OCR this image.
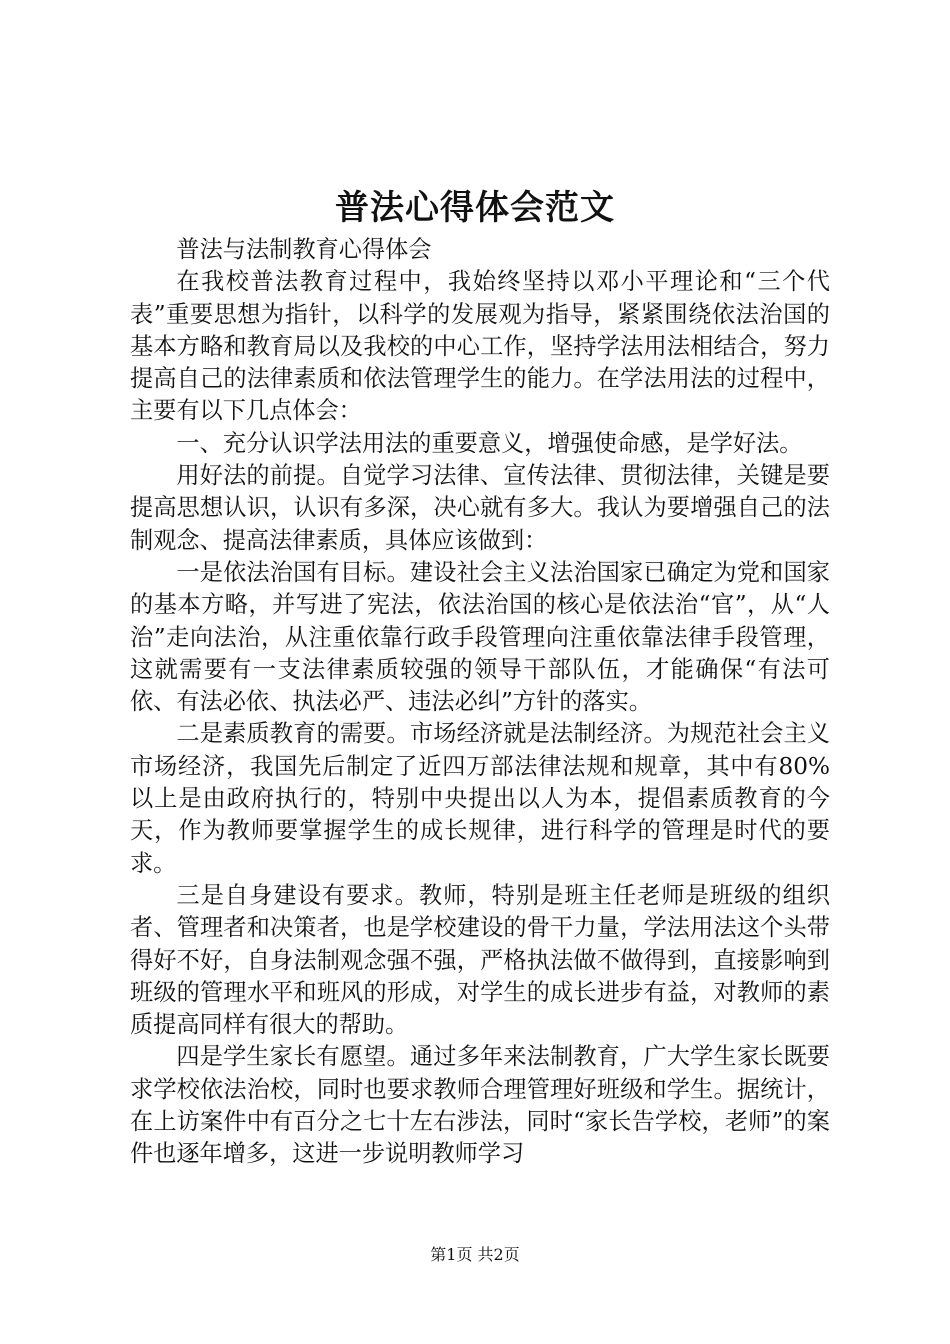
普法心得体会范文

普法与法制教育心得体会

在我校普法教育过程中，我始终坚持以邓小平理论和“三个代表”重要思想为指针，以科学的发展观为指导，紧紧围绕依法治国的基本方略和教育局以及我校的中心工作，坚持学法用法相结合，努力提高自己的法律素质和依法管理学生的能力。在学法用法的过程中，主要有以下几点体会：

一、充分认识学法用法的重要意义，增强使命感，是学好法。

用好法的前提。自觉学习法律、宣传法律、贯彻法律，关键是要提高思想认识，认识有多深，决心就有多大。我认为要增强自己的法制观念、提高法律素质，具体应该做到：

一是依法治国有目标。建设社会主义法治国家已确定为党和国家的基本方略，并写进了宪法，依法治国的核心是依法治“官”，从“人治”走向法治，从注重依靠行政手段管理向注重依靠法律手段管理，这就需要有一支法律素质较强的领导干部队伍，才能确保“有法可依、有法必依、执法必严、违法必纠”方针的落实。

二是素质教育的需要。市场经济就是法制经济。为规范社会主义市场经济，我国先后制定了近四万部法律法规和规章，其中有80%以上是由政府执行的，特别中央提出以人为本，提倡素质教育的今天，作为教师要掌握学生的成长规律，进行科学的管理是时代的要求。

三是自身建设有要求。教师，特别是班主任老师是班级的组织者、管理者和决策者，也是学校建设的骨干力量，学法用法这个头带得好不好，自身法制观念强不强，严格执法做不做得到，直接影响到班级的管理水平和班风的形成，对学生的成长进步有益，对教师的素质提高同样有很大的帮助。

四是学生家长有愿望。通过多年来法制教育，广大学生家长既要求学校依法治校，同时也要求教师合理管理好班级和学生。据统计，在上访案件中有百分之七十左右涉法，同时“家长告学校，老师”的案件也逐年增多，这进一步说明教师学习

第1页 共2页
